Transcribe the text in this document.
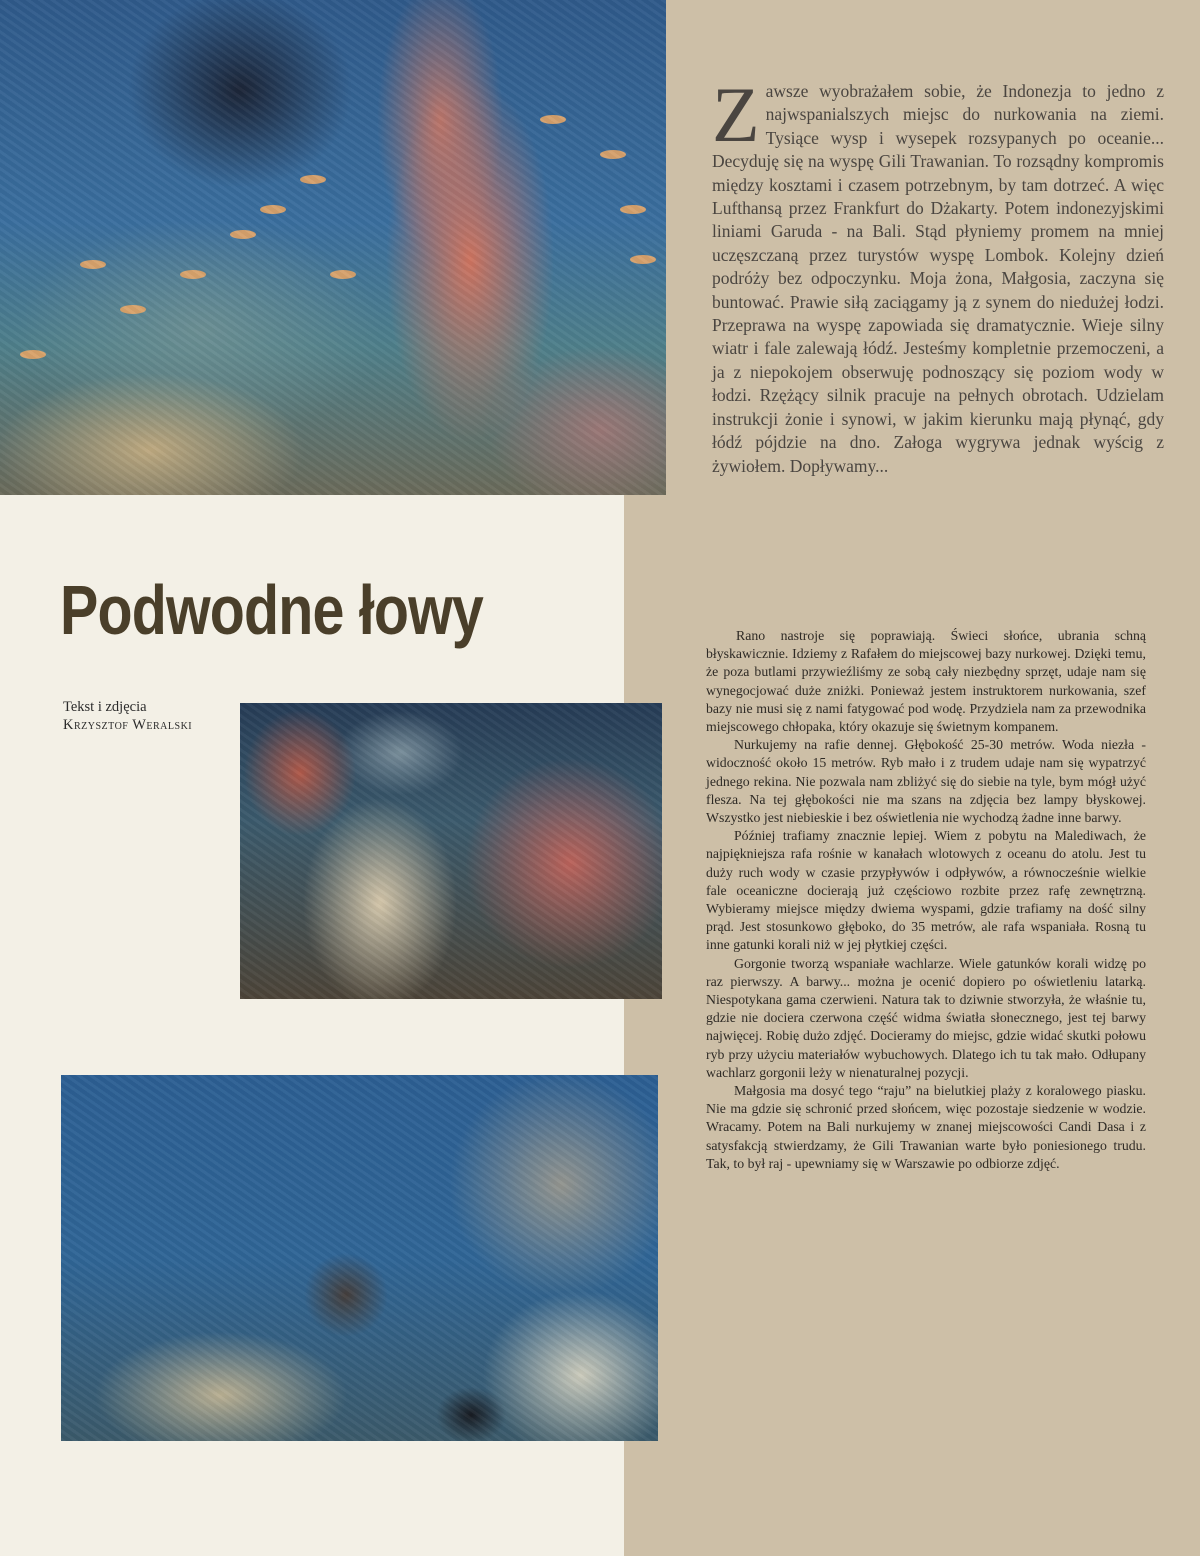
Podwodne łowy
Tekst i zdjęcia
Krzysztof Weralski

Zawsze wyobrażałem sobie, że Indonezja to jedno z najwspanialszych miejsc do nurkowania na ziemi. Tysiące wysp i wysepek rozsypanych po oceanie... Decyduję się na wyspę Gili Trawanian. To rozsądny kompromis między kosztami i czasem potrzebnym, by tam dotrzeć. A więc Lufthansą przez Frankfurt do Dżakarty. Potem indonezyjskimi liniami Garuda - na Bali. Stąd płyniemy promem na mniej uczęszczaną przez turystów wyspę Lombok. Kolejny dzień podróży bez odpoczynku. Moja żona, Małgosia, zaczyna się buntować. Prawie siłą zaciągamy ją z synem do niedużej łodzi. Przeprawa na wyspę zapowiada się dramatycznie. Wieje silny wiatr i fale zalewają łódź. Jesteśmy kompletnie przemoczeni, a ja z niepokojem obserwuję podnoszący się poziom wody w łodzi. Rzężący silnik pracuje na pełnych obrotach. Udzielam instrukcji żonie i synowi, w jakim kierunku mają płynąć, gdy łódź pójdzie na dno. Załoga wygrywa jednak wyścig z żywiołem. Dopływamy...

Rano nastroje się poprawiają. Świeci słońce, ubrania schną błyskawicznie. Idziemy z Rafałem do miejscowej bazy nurkowej. Dzięki temu, że poza butlami przywieźliśmy ze sobą cały niezbędny sprzęt, udaje nam się wynegocjować duże zniżki. Ponieważ jestem instruktorem nurkowania, szef bazy nie musi się z nami fatygować pod wodę. Przydziela nam za przewodnika miejscowego chłopaka, który okazuje się świetnym kompanem.

Nurkujemy na rafie dennej. Głębokość 25-30 metrów. Woda niezła - widoczność około 15 metrów. Ryb mało i z trudem udaje nam się wypatrzyć jednego rekina. Nie pozwala nam zbliżyć się do siebie na tyle, bym mógł użyć flesza. Na tej głębokości nie ma szans na zdjęcia bez lampy błyskowej. Wszystko jest niebieskie i bez oświetlenia nie wychodzą żadne inne barwy.

Później trafiamy znacznie lepiej. Wiem z pobytu na Malediwach, że najpiękniejsza rafa rośnie w kanałach wlotowych z oceanu do atolu. Jest tu duży ruch wody w czasie przypływów i odpływów, a równocześnie wielkie fale oceaniczne docierają już częściowo rozbite przez rafę zewnętrzną. Wybieramy miejsce między dwiema wyspami, gdzie trafiamy na dość silny prąd. Jest stosunkowo głęboko, do 35 metrów, ale rafa wspaniała. Rosną tu inne gatunki korali niż w jej płytkiej części.

Gorgonie tworzą wspaniałe wachlarze. Wiele gatunków korali widzę po raz pierwszy. A barwy... można je ocenić dopiero po oświetleniu latarką. Niespotykana gama czerwieni. Natura tak to dziwnie stworzyła, że właśnie tu, gdzie nie dociera czerwona część widma światła słonecznego, jest tej barwy najwięcej. Robię dużo zdjęć. Docieramy do miejsc, gdzie widać skutki połowu ryb przy użyciu materiałów wybuchowych. Dlatego ich tu tak mało. Odłupany wachlarz gorgonii leży w nienaturalnej pozycji.

Małgosia ma dosyć tego “raju” na bielutkiej plaży z koralowego piasku. Nie ma gdzie się schronić przed słońcem, więc pozostaje siedzenie w wodzie. Wracamy. Potem na Bali nurkujemy w znanej miejscowości Candi Dasa i z satysfakcją stwierdzamy, że Gili Trawanian warte było poniesionego trudu. Tak, to był raj - upewniamy się w Warszawie po odbiorze zdjęć.
